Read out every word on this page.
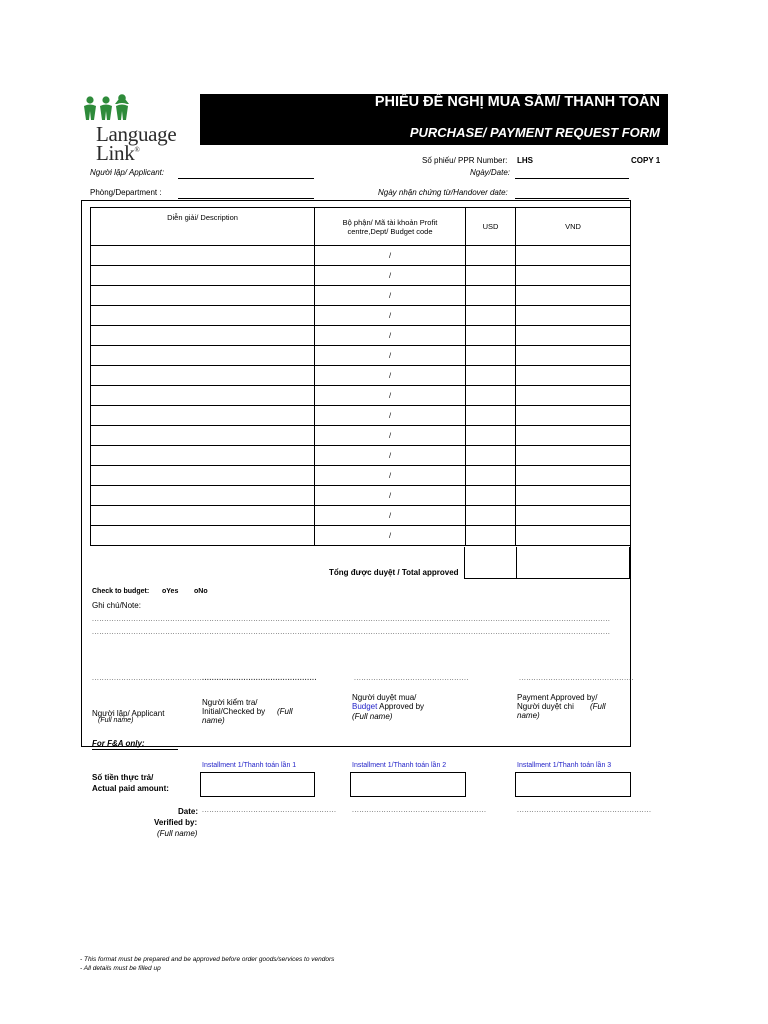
Language
Link®
PHIẾU ĐỀ NGHỊ MUA SẮM/ THANH TOÁN
PURCHASE/ PAYMENT REQUEST FORM
Số phiếu/ PPR Number: LHS	COPY 1
Người lập/ Applicant:	Ngày/Date:
Phòng/Department :	Ngày nhận chứng từ/Handover date:
Diễn giải/ Description	Bộ phận/ Mã tài khoản Profit centre,Dept/ Budget code	USD	VND
	/		
	/		
	/		
	/		
	/		
	/		
	/		
	/		
	/		
	/		
	/		
	/		
	/		
	/		
	/		
Tổng được duyệt / Total approved
Check to budget: oYes oNo
Ghi chú/Note:
....................................................................................................................................................................................................................
....................................................................................................................................................................................................................
...............................................
...............................................	...............................................	...............................................
Người lập/ Applicant
(Full name)
Người kiểm tra/
Initial/Checked by (Full
name)
Người duyệt mua/
Budget Approved by
(Full name)
Payment Approved by/
Người duyệt chi (Full
name)
For F&A only:
Installment 1/Thanh toán lần 1	Installment 1/Thanh toán lần 2	Installment 1/Thanh toán lần 3
Số tiền thực trả/
Actual paid amount:
Date: ....................................................... .......................................................	.......................................................
Verified by:
(Full name)
- This format must be prepared and be approved before order goods/services to vendors
- All details must be filled up
